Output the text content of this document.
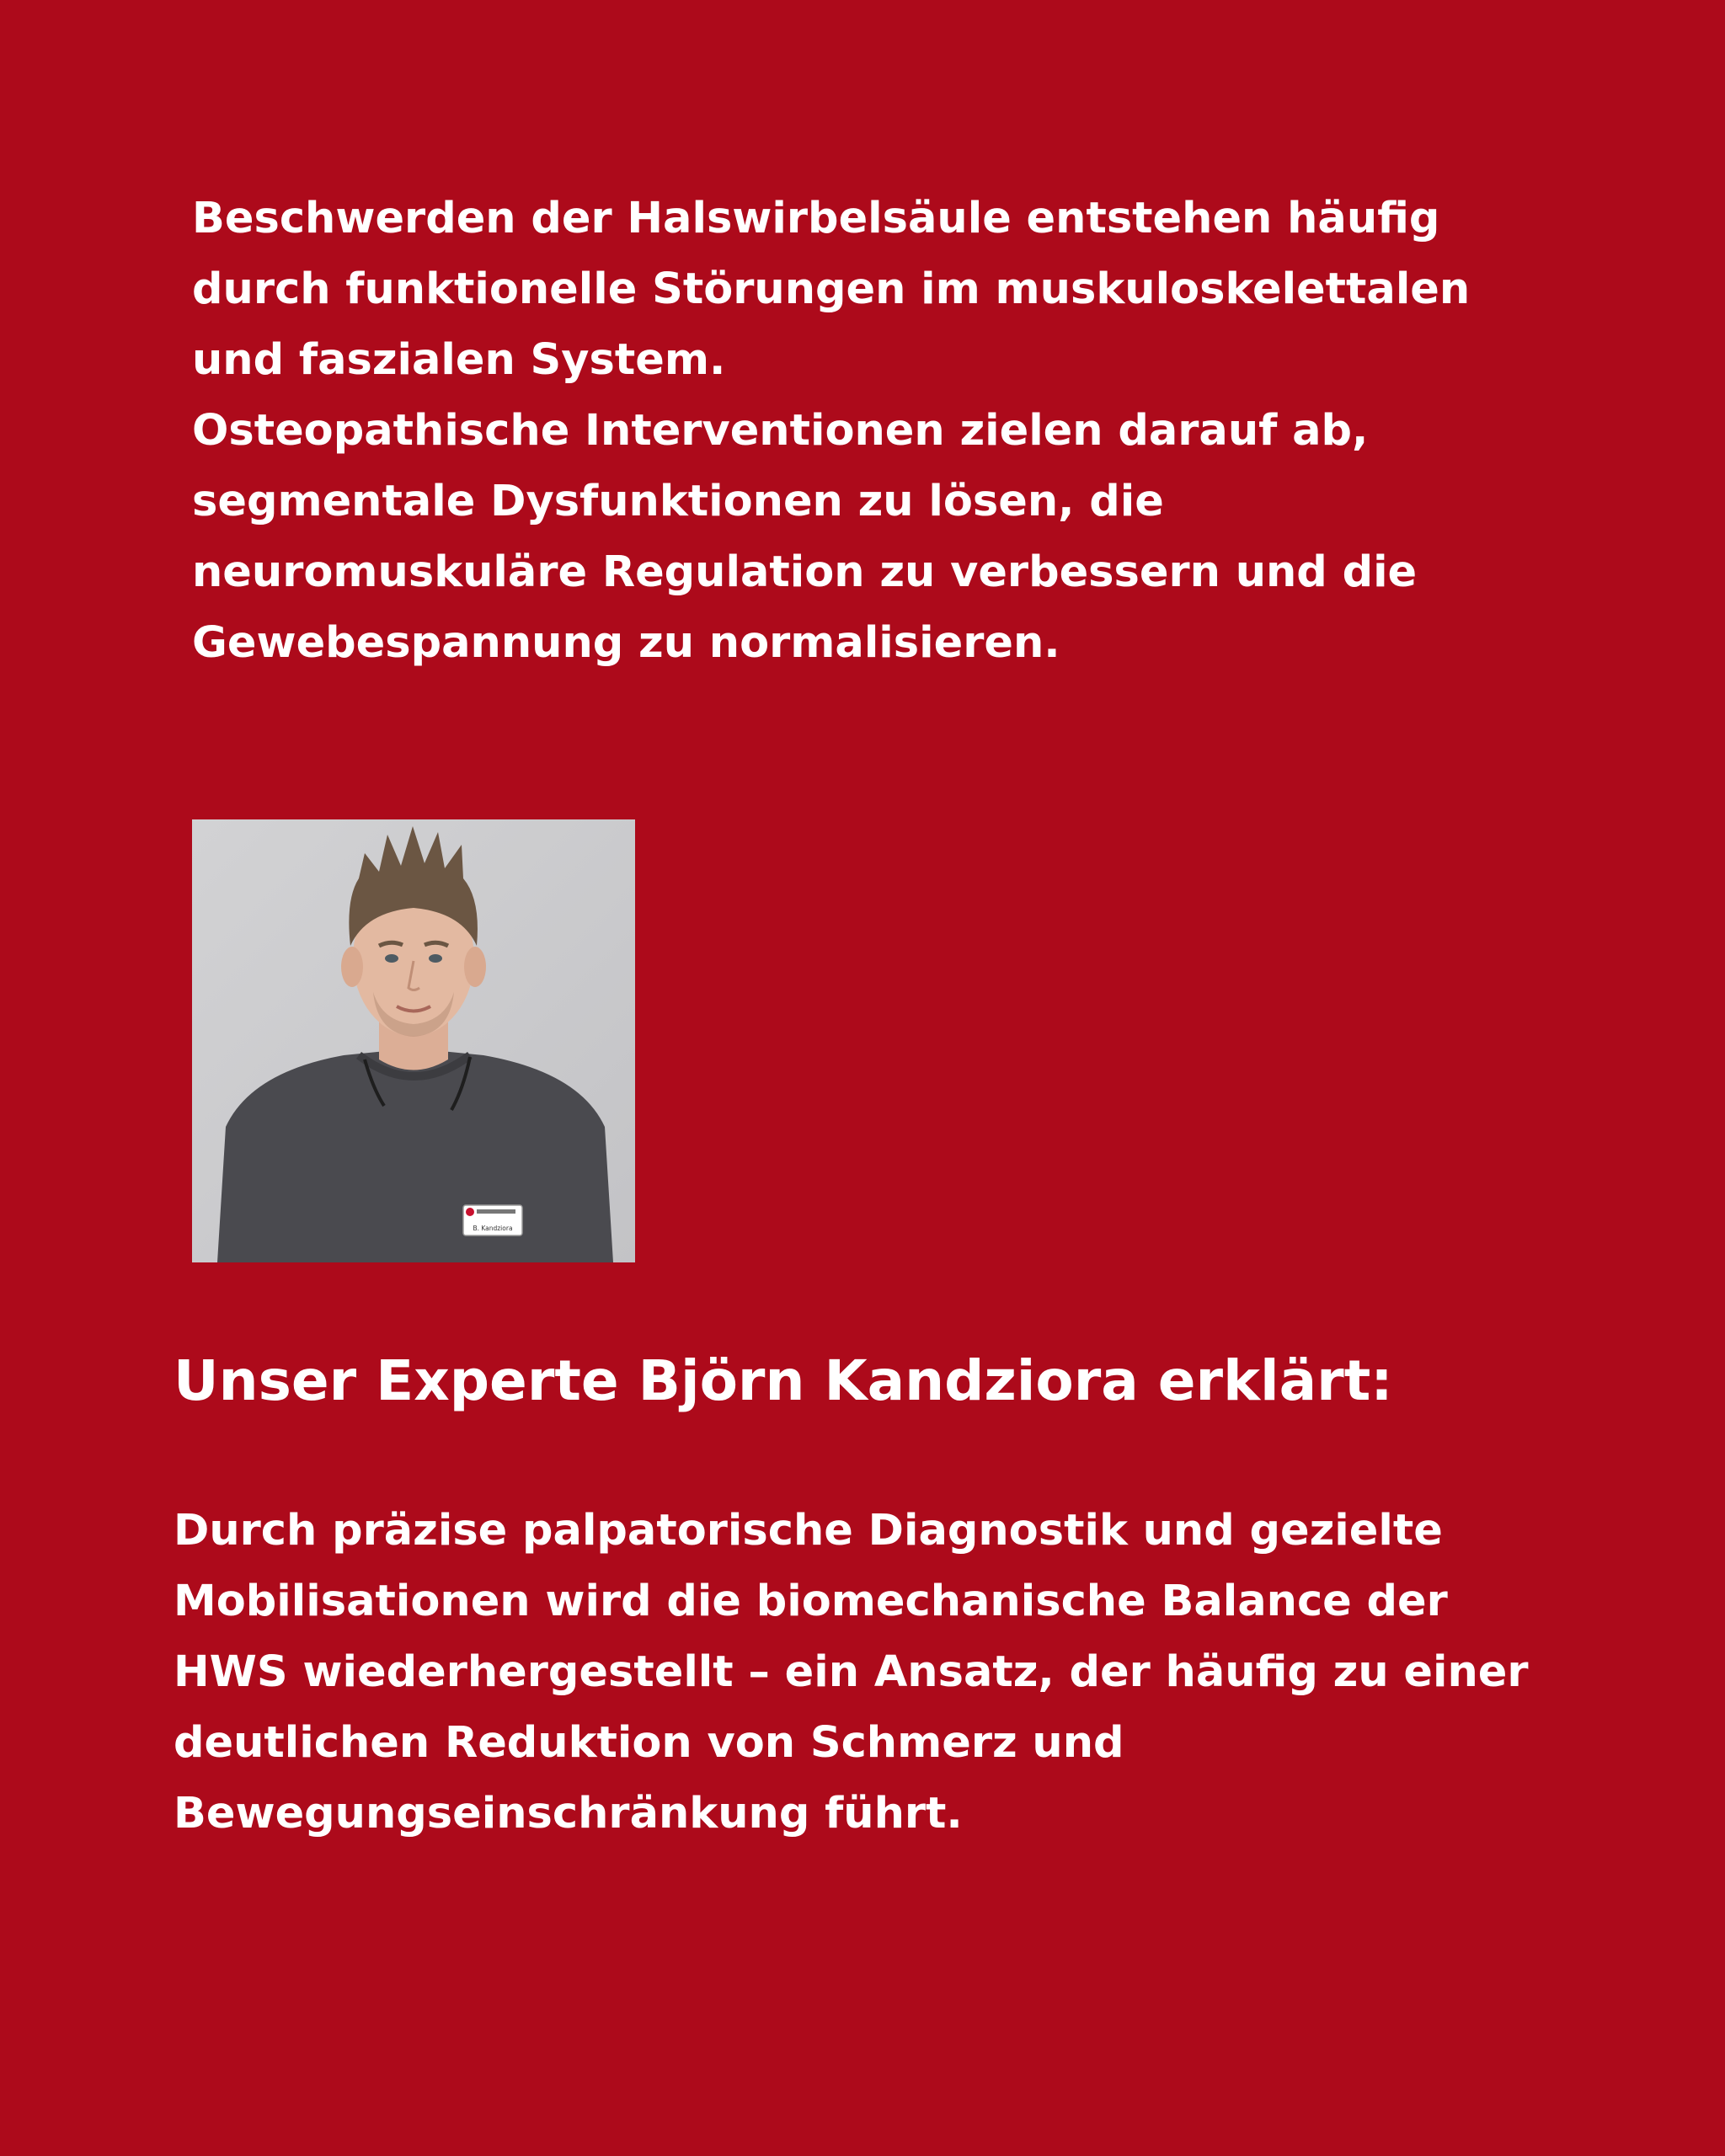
Beschwerden der Halswirbelsäule entstehen häufig durch funktionelle Störungen im muskuloskelettalen und faszialen System.

Osteopathische Interventionen zielen darauf ab, segmentale Dysfunktionen zu lösen, die neuromuskuläre Regulation zu verbessern und die Gewebespannung zu normalisieren.

B. Kandziora
Unser Experte Björn Kandziora erklärt:

Durch präzise palpatorische Diagnostik und gezielte Mobilisationen wird die biomechanische Balance der HWS wiederhergestellt – ein Ansatz, der häufig zu einer deutlichen Reduktion von Schmerz und Bewegungseinschränkung führt.
